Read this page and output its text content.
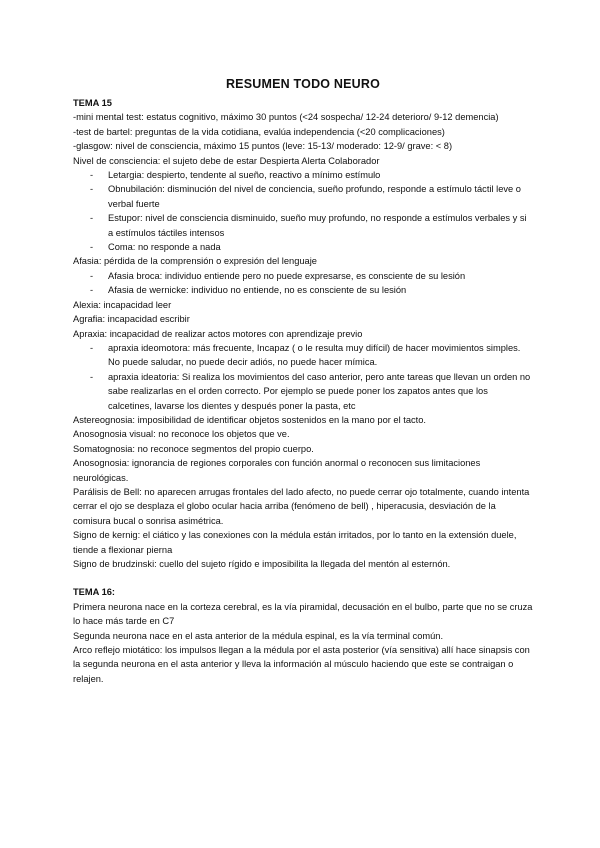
RESUMEN TODO NEURO
TEMA 15

-mini mental test: estatus cognitivo, máximo 30 puntos (<24 sospecha/ 12-24 deterioro/ 9-12 demencia)

-test de bartel: preguntas de la vida cotidiana, evalúa independencia (<20 complicaciones)

-glasgow: nivel de consciencia, máximo 15 puntos (leve: 15-13/ moderado: 12-9/ grave: < 8)

Nivel de consciencia: el sujeto debe de estar Despierta Alerta Colaborador

- Letargia: despierto, tendente al sueño, reactivo a mínimo estímulo
- Obnubilación: disminución del nivel de conciencia, sueño profundo, responde a estímulo táctil leve o verbal fuerte
- Estupor: nivel de consciencia disminuido, sueño muy profundo, no responde a estímulos verbales y si a estímulos táctiles intensos
- Coma: no responde a nada

Afasia: pérdida de la comprensión o expresión del lenguaje

- Afasia broca: individuo entiende pero no puede expresarse, es consciente de su lesión
- Afasia de wernicke: individuo no entiende, no es consciente de su lesión

Alexia: incapacidad leer

Agrafia: incapacidad escribir

Apraxia: incapacidad de realizar actos motores con aprendizaje previo

- apraxia ideomotora: más frecuente, Incapaz ( o le resulta muy difícil) de hacer movimientos simples. No puede saludar, no puede decir adiós, no puede hacer mímica.
- apraxia ideatoria: Si realiza los movimientos del caso anterior, pero ante tareas que llevan un orden no sabe realizarlas en el orden correcto. Por ejemplo se puede poner los zapatos antes que los calcetines, lavarse los dientes y después poner la pasta, etc

Astereognosia: imposibilidad de identificar objetos sostenidos en la mano por el tacto.

Anosognosia visual: no reconoce los objetos que ve.

Somatognosia: no reconoce segmentos del propio cuerpo.

Anosognosia: ignorancia de regiones corporales con función anormal o reconocen sus limitaciones neurológicas.

Parálisis de Bell: no aparecen arrugas frontales del lado afecto, no puede cerrar ojo totalmente, cuando intenta cerrar el ojo se desplaza el globo ocular hacia arriba (fenómeno de bell) , hiperacusia, desviación de la comisura bucal o sonrisa asimétrica.

Signo de kernig: el ciático y las conexiones con la médula están irritados, por lo tanto en la extensión duele, tiende a flexionar pierna

Signo de brudzinski: cuello del sujeto rígido e imposibilita la llegada del mentón al esternón.

TEMA 16:

Primera neurona nace en la corteza cerebral, es la vía piramidal, decusación en el bulbo, parte que no se cruza lo hace más tarde en C7

Segunda neurona nace en el asta anterior de la médula espinal, es la vía terminal común.

Arco reflejo miotático: los impulsos llegan a la médula por el asta posterior (vía sensitiva) allí hace sinapsis con la segunda neurona en el asta anterior y lleva la información al músculo haciendo que este se contraigan o relajen.
